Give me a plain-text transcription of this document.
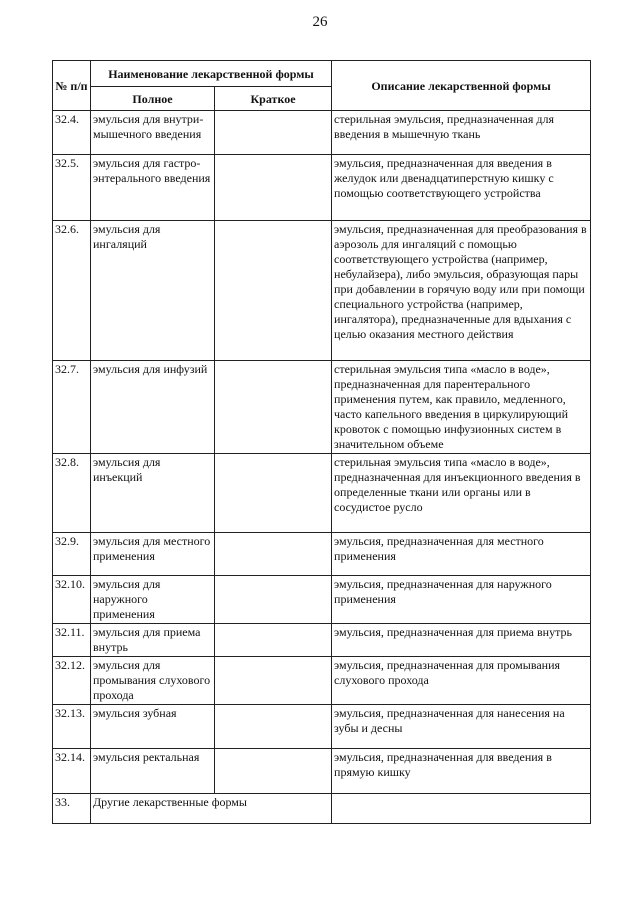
26
№ п/п	Наименование лекарственной формы		Описание лекарственной формы
	Полное	Краткое	
32.4.	эмульсия для внутри-мышечного введения		стерильная эмульсия, предназначенная для введения в мышечную ткань
32.5.	эмульсия для гастро-энтерального введения		эмульсия, предназначенная для введения в желудок или двенадцатиперстную кишку с помощью соответствующего устройства
32.6.	эмульсия для ингаляций		эмульсия, предназначенная для преобразования в аэрозоль для ингаляций с помощью соответствующего устройства (например, небулайзера), либо эмульсия, образующая пары при добавлении в горячую воду или при помощи специального устройства (например, ингалятора), предназначенные для вдыхания с целью оказания местного действия
32.7.	эмульсия для инфузий		стерильная эмульсия типа «масло в воде», предназначенная для парентерального применения путем, как правило, медленного, часто капельного введения в циркулирующий кровоток с помощью инфузионных систем в значительном объеме
32.8.	эмульсия для инъекций		стерильная эмульсия типа «масло в воде», предназначенная для инъекционного введения в определенные ткани или органы или в сосудистое русло
32.9.	эмульсия для местного применения		эмульсия, предназначенная для местного применения
32.10.	эмульсия для наружного применения		эмульсия, предназначенная для наружного применения
32.11.	эмульсия для приема внутрь		эмульсия, предназначенная для приема внутрь
32.12.	эмульсия для промывания слухового прохода		эмульсия, предназначенная для промывания слухового прохода
32.13.	эмульсия зубная		эмульсия, предназначенная для нанесения на зубы и десны
32.14.	эмульсия ректальная		эмульсия, предназначенная для введения в прямую кишку
33.	Другие лекарственные формы		
